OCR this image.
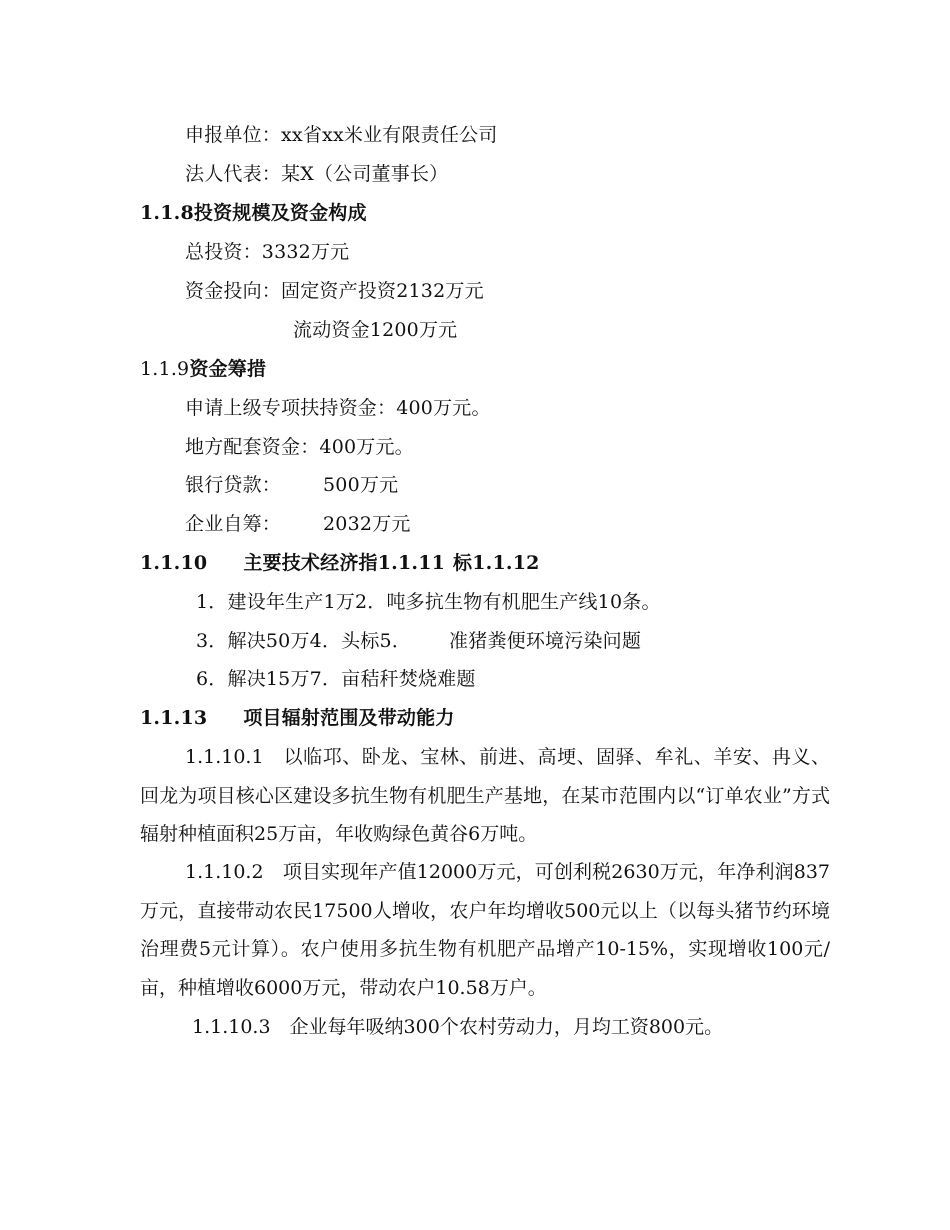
申报单位：xx省xx米业有限责任公司
法人代表：某X（公司董事长）
1.1.8投资规模及资金构成
总投资：3332万元
资金投向：固定资产投资2132万元
流动资金1200万元
1.1.9资金筹措
申请上级专项扶持资金：400万元。
地方配套资金：400万元。
银行贷款： 500万元
企业自筹： 2032万元
1.1.10 主要技术经济指1.1.11 标1.1.12
1．建设年生产1万2．吨多抗生物有机肥生产线10条。
3．解决50万4．头标5． 准猪粪便环境污染问题
6．解决15万7．亩秸秆焚烧难题
1.1.13 项目辐射范围及带动能力

1.1.10.1　以临邛、卧龙、宝林、前进、高埂、固驿、牟礼、羊安、冉义、回龙为项目核心区建设多抗生物有机肥生产基地，在某市范围内以“订单农业”方式辐射种植面积25万亩，年收购绿色黄谷6万吨。

1.1.10.2　项目实现年产值12000万元，可创利税2630万元，年净利润837万元，直接带动农民17500人增收，农户年均增收500元以上（以每头猪节约环境治理费5元计算）。农户使用多抗生物有机肥产品增产10-15%，实现增收100元/亩，种植增收6000万元，带动农户10.58万户。

1.1.10.3　企业每年吸纳300个农村劳动力，月均工资800元。
